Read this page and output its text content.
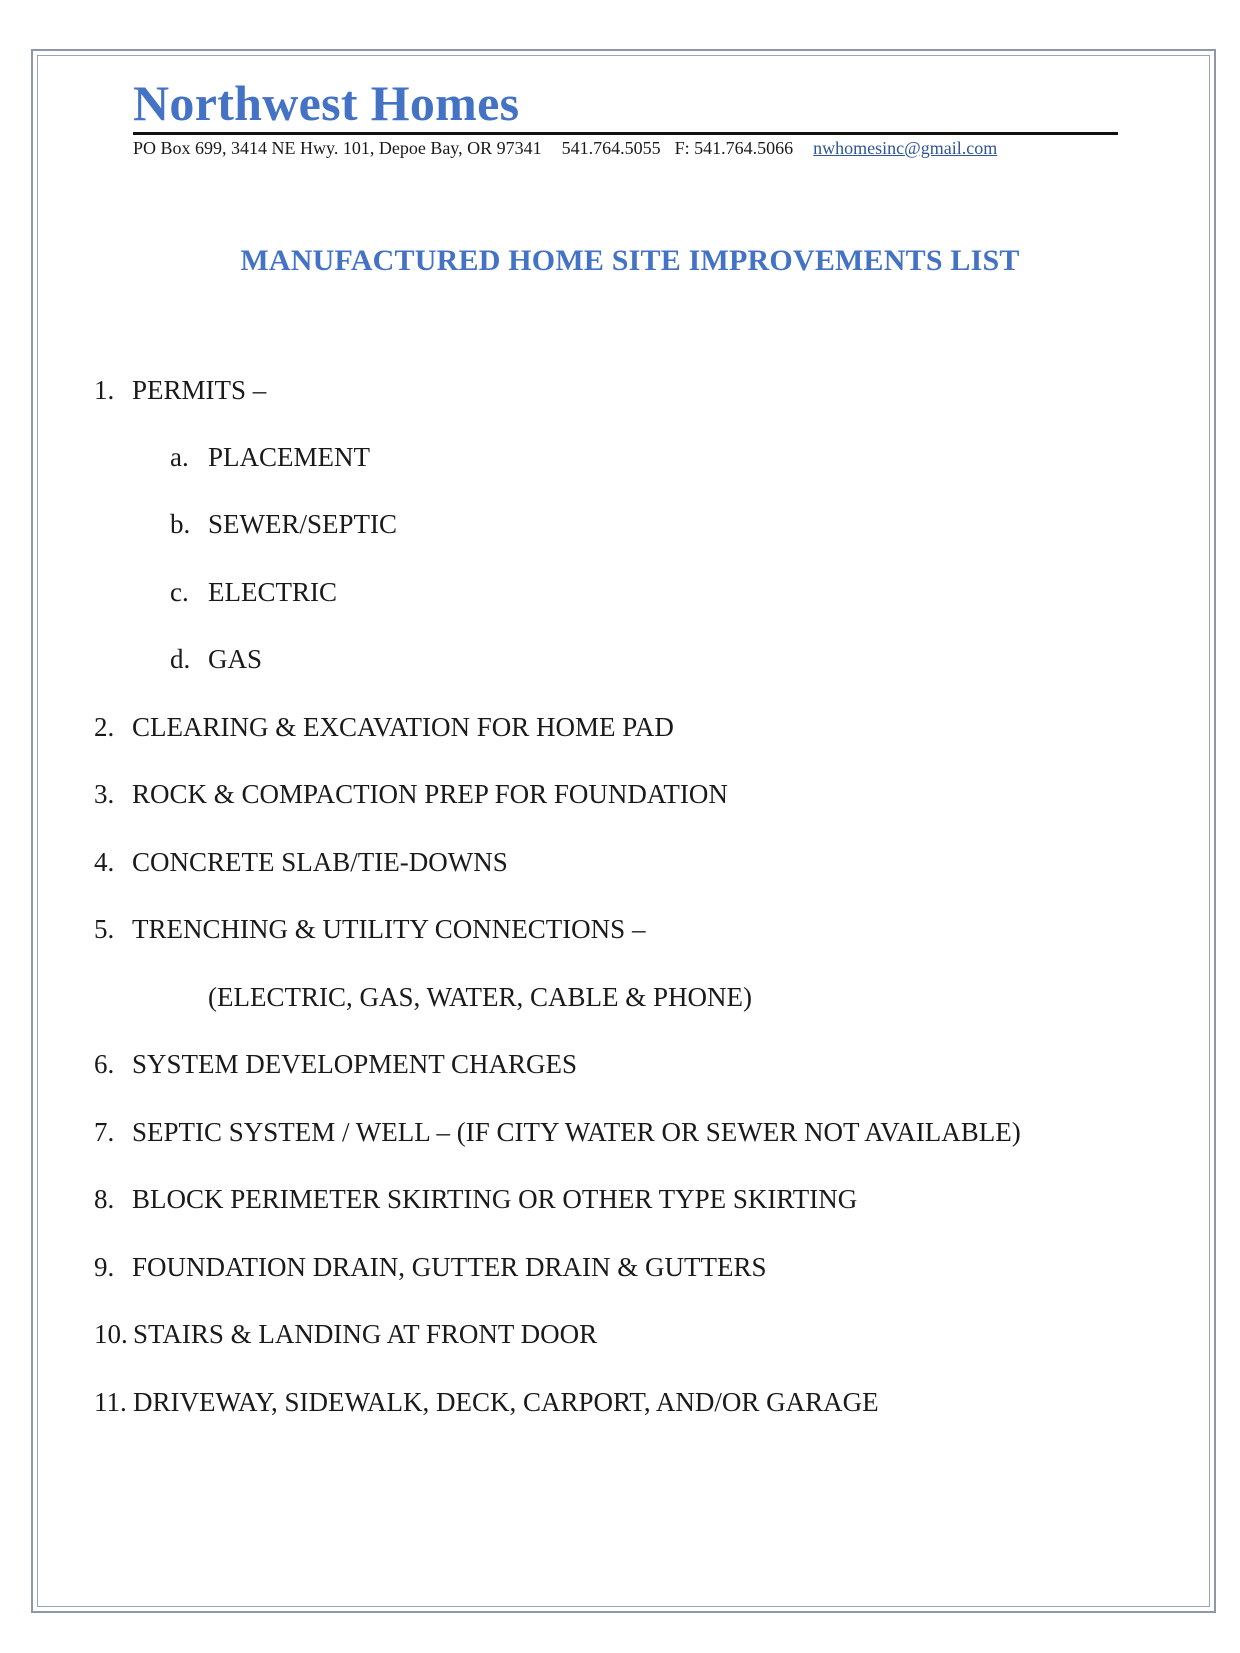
Northwest Homes
PO Box 699, 3414 NE Hwy. 101, Depoe Bay, OR 97341 541.764.5055 F: 541.764.5066 nwhomesinc@gmail.com
MANUFACTURED HOME SITE IMPROVEMENTS LIST
1. PERMITS –
a. PLACEMENT
b. SEWER/SEPTIC
c. ELECTRIC
d. GAS
2. CLEARING & EXCAVATION FOR HOME PAD
3. ROCK & COMPACTION PREP FOR FOUNDATION
4. CONCRETE SLAB/TIE-DOWNS
5. TRENCHING & UTILITY CONNECTIONS –
(ELECTRIC, GAS, WATER, CABLE & PHONE)
6. SYSTEM DEVELOPMENT CHARGES
7. SEPTIC SYSTEM / WELL – (IF CITY WATER OR SEWER NOT AVAILABLE)
8. BLOCK PERIMETER SKIRTING OR OTHER TYPE SKIRTING
9. FOUNDATION DRAIN, GUTTER DRAIN & GUTTERS
10. STAIRS & LANDING AT FRONT DOOR
11. DRIVEWAY, SIDEWALK, DECK, CARPORT, AND/OR GARAGE
